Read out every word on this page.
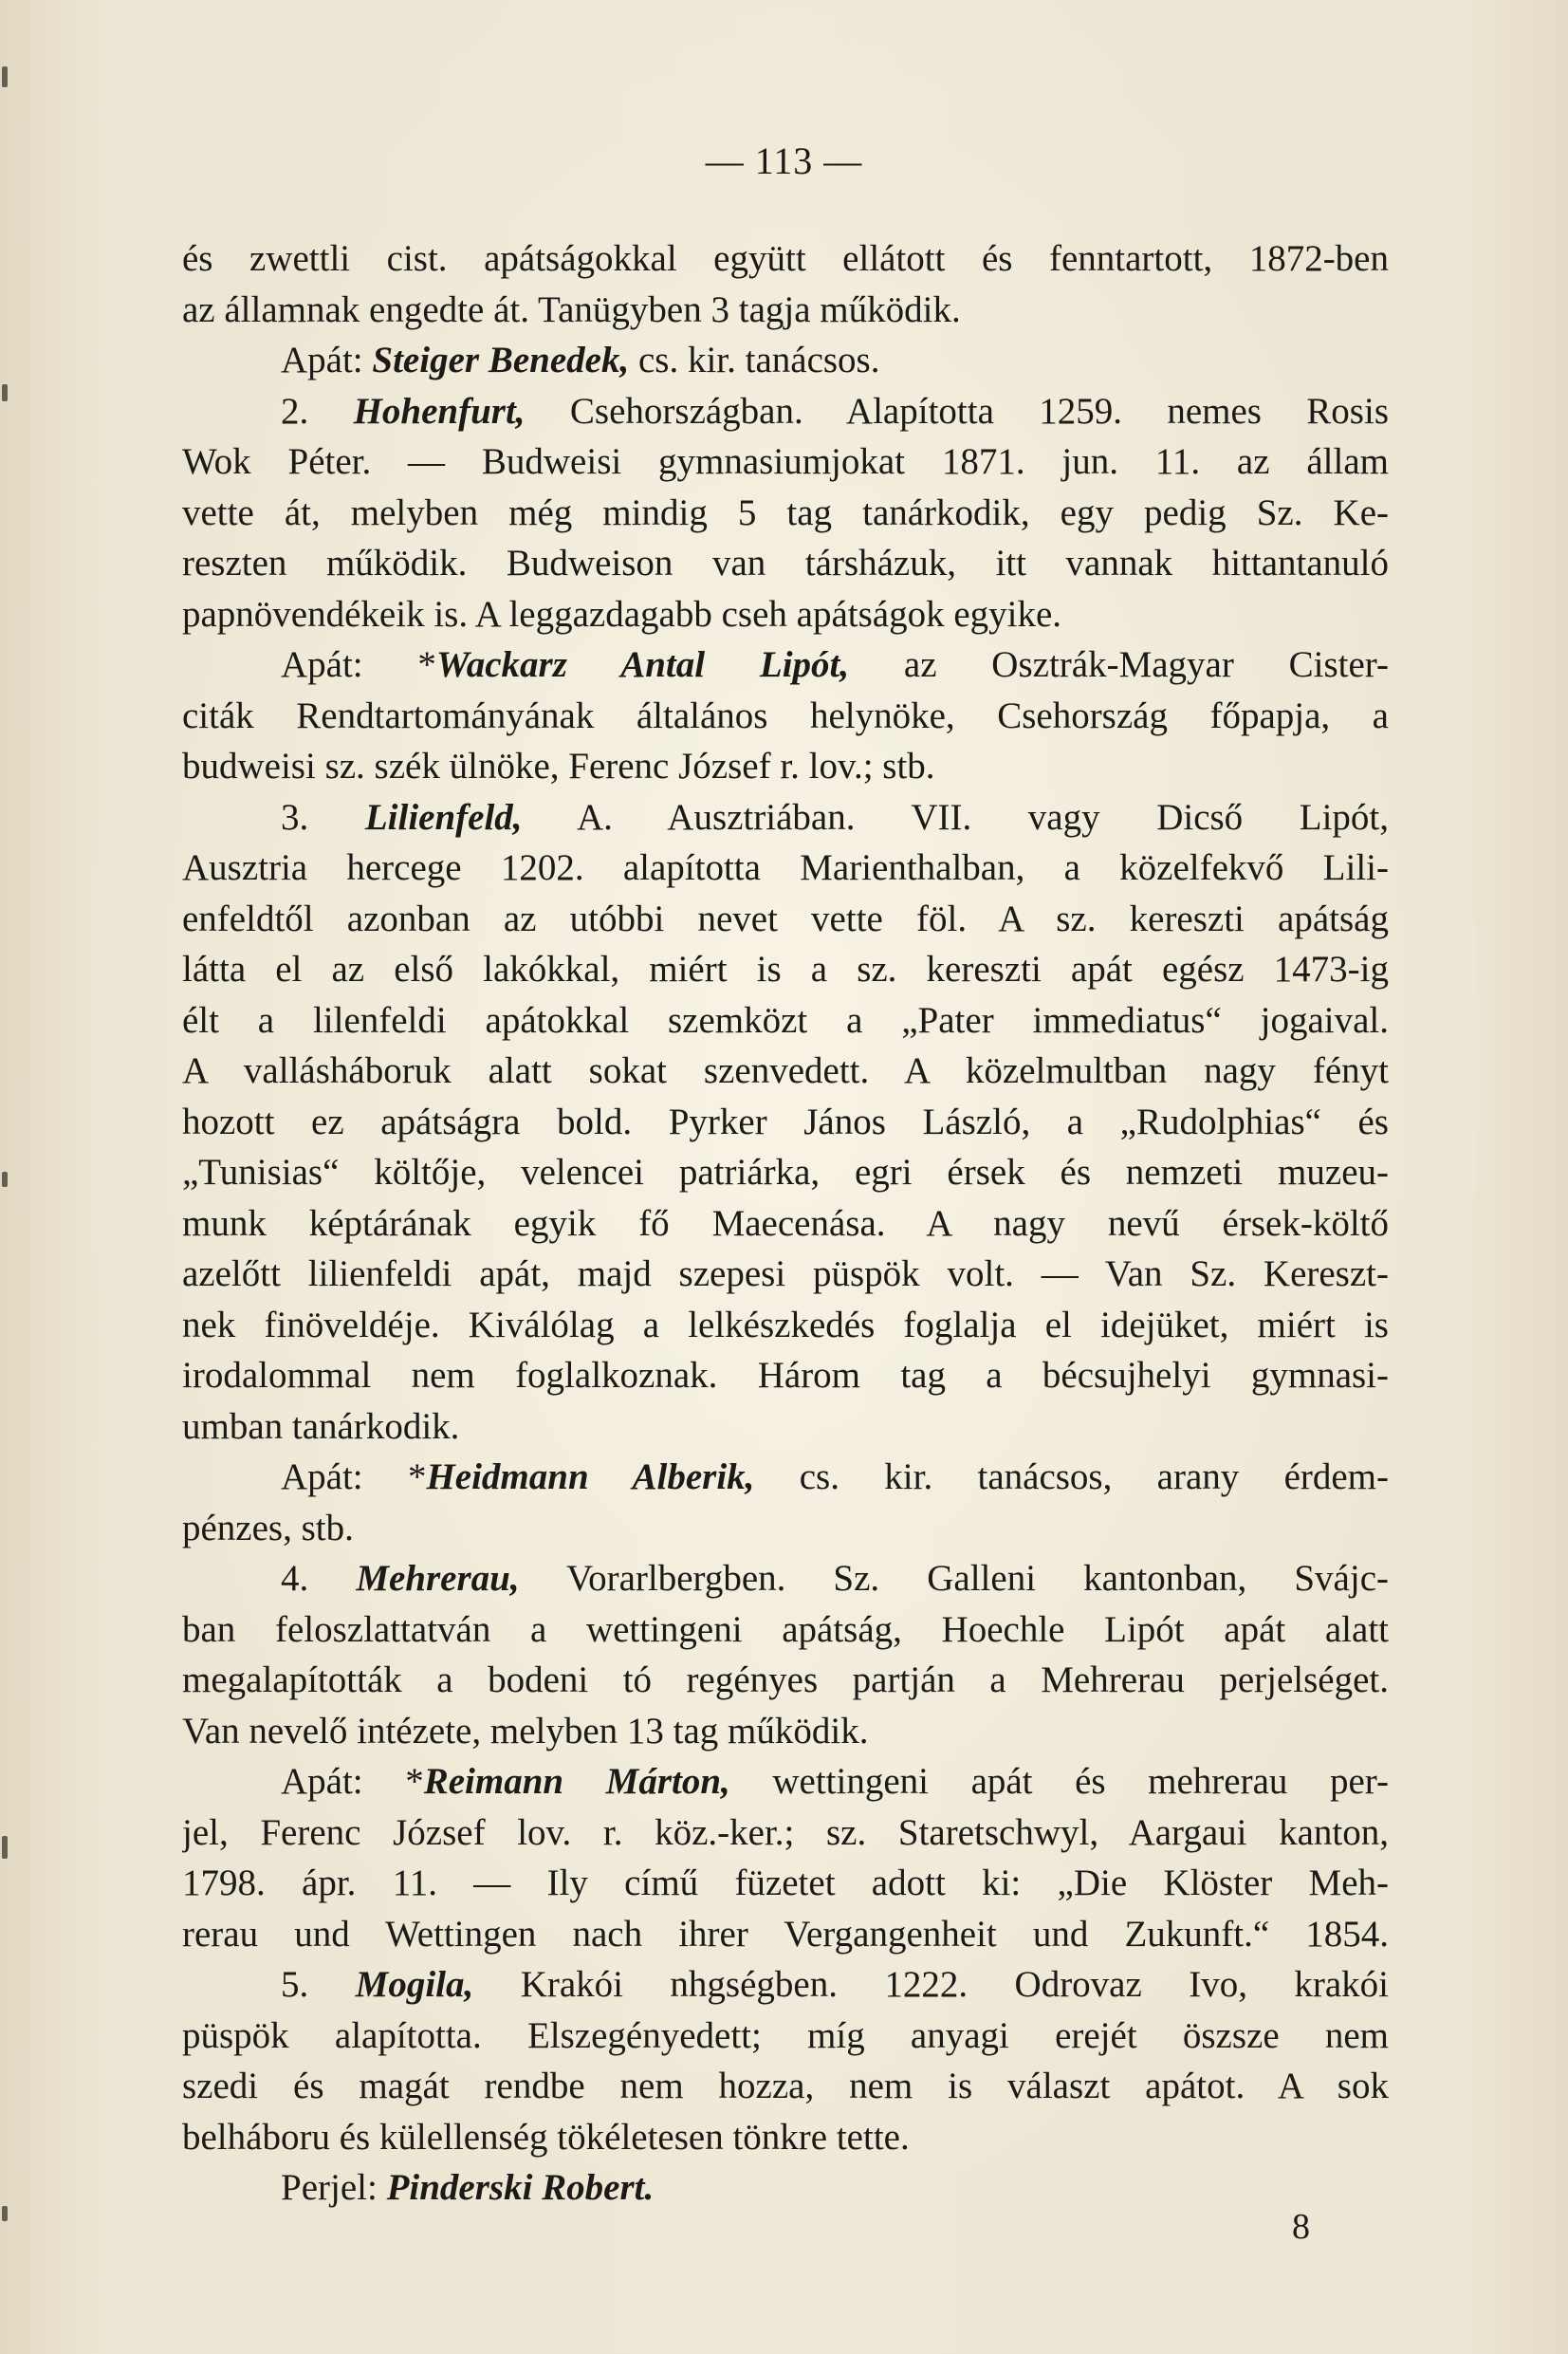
— 113 —
és zwettli cist. apátságokkal együtt ellátott és fenntartott, 1872-ben
az államnak engedte át. Tanügyben 3 tagja működik.
Apát: Steiger Benedek, cs. kir. tanácsos.
2. Hohenfurt, Csehországban. Alapította 1259. nemes Rosis
Wok Péter. — Budweisi gymnasiumjokat 1871. jun. 11. az állam
vette át, melyben még mindig 5 tag tanárkodik, egy pedig Sz. Ke-
reszten működik. Budweison van társházuk, itt vannak hittantanuló
papnövendékeik is. A leggazdagabb cseh apátságok egyike.
Apát: *Wackarz Antal Lipót, az Osztrák-Magyar Cister-
citák Rendtartományának általános helynöke, Csehország főpapja, a
budweisi sz. szék ülnöke, Ferenc József r. lov.; stb.
3. Lilienfeld, A. Ausztriában. VII. vagy Dicső Lipót,
Ausztria hercege 1202. alapította Marienthalban, a közelfekvő Lili-
enfeldtől azonban az utóbbi nevet vette föl. A sz. kereszti apátság
látta el az első lakókkal, miért is a sz. kereszti apát egész 1473-ig
élt a lilenfeldi apátokkal szemközt a „Pater immediatus“ jogaival.
A vallásháboruk alatt sokat szenvedett. A közelmultban nagy fényt
hozott ez apátságra bold. Pyrker János László, a „Rudolphias“ és
„Tunisias“ költője, velencei patriárka, egri érsek és nemzeti muzeu-
munk képtárának egyik fő Maecenása. A nagy nevű érsek-költő
azelőtt lilienfeldi apát, majd szepesi püspök volt. — Van Sz. Kereszt-
nek finöveldéje. Kiválólag a lelkészkedés foglalja el idejüket, miért is
irodalommal nem foglalkoznak. Három tag a bécsujhelyi gymnasi-
umban tanárkodik.
Apát: *Heidmann Alberik, cs. kir. tanácsos, arany érdem-
pénzes, stb.
4. Mehrerau, Vorarlbergben. Sz. Galleni kantonban, Svájc-
ban feloszlattatván a wettingeni apátság, Hoechle Lipót apát alatt
megalapították a bodeni tó regényes partján a Mehrerau perjelséget.
Van nevelő intézete, melyben 13 tag működik.
Apát: *Reimann Márton, wettingeni apát és mehrerau per-
jel, Ferenc József lov. r. köz.-ker.; sz. Staretschwyl, Aargaui kanton,
1798. ápr. 11. — Ily című füzetet adott ki: „Die Klöster Meh-
rerau und Wettingen nach ihrer Vergangenheit und Zukunft.“ 1854.
5. Mogila, Krakói nhgségben. 1222. Odrovaz Ivo, krakói
püspök alapította. Elszegényedett; míg anyagi erejét öszsze nem
szedi és magát rendbe nem hozza, nem is választ apátot. A sok
belháboru és külellenség tökéletesen tönkre tette.
Perjel: Pinderski Robert.
8
